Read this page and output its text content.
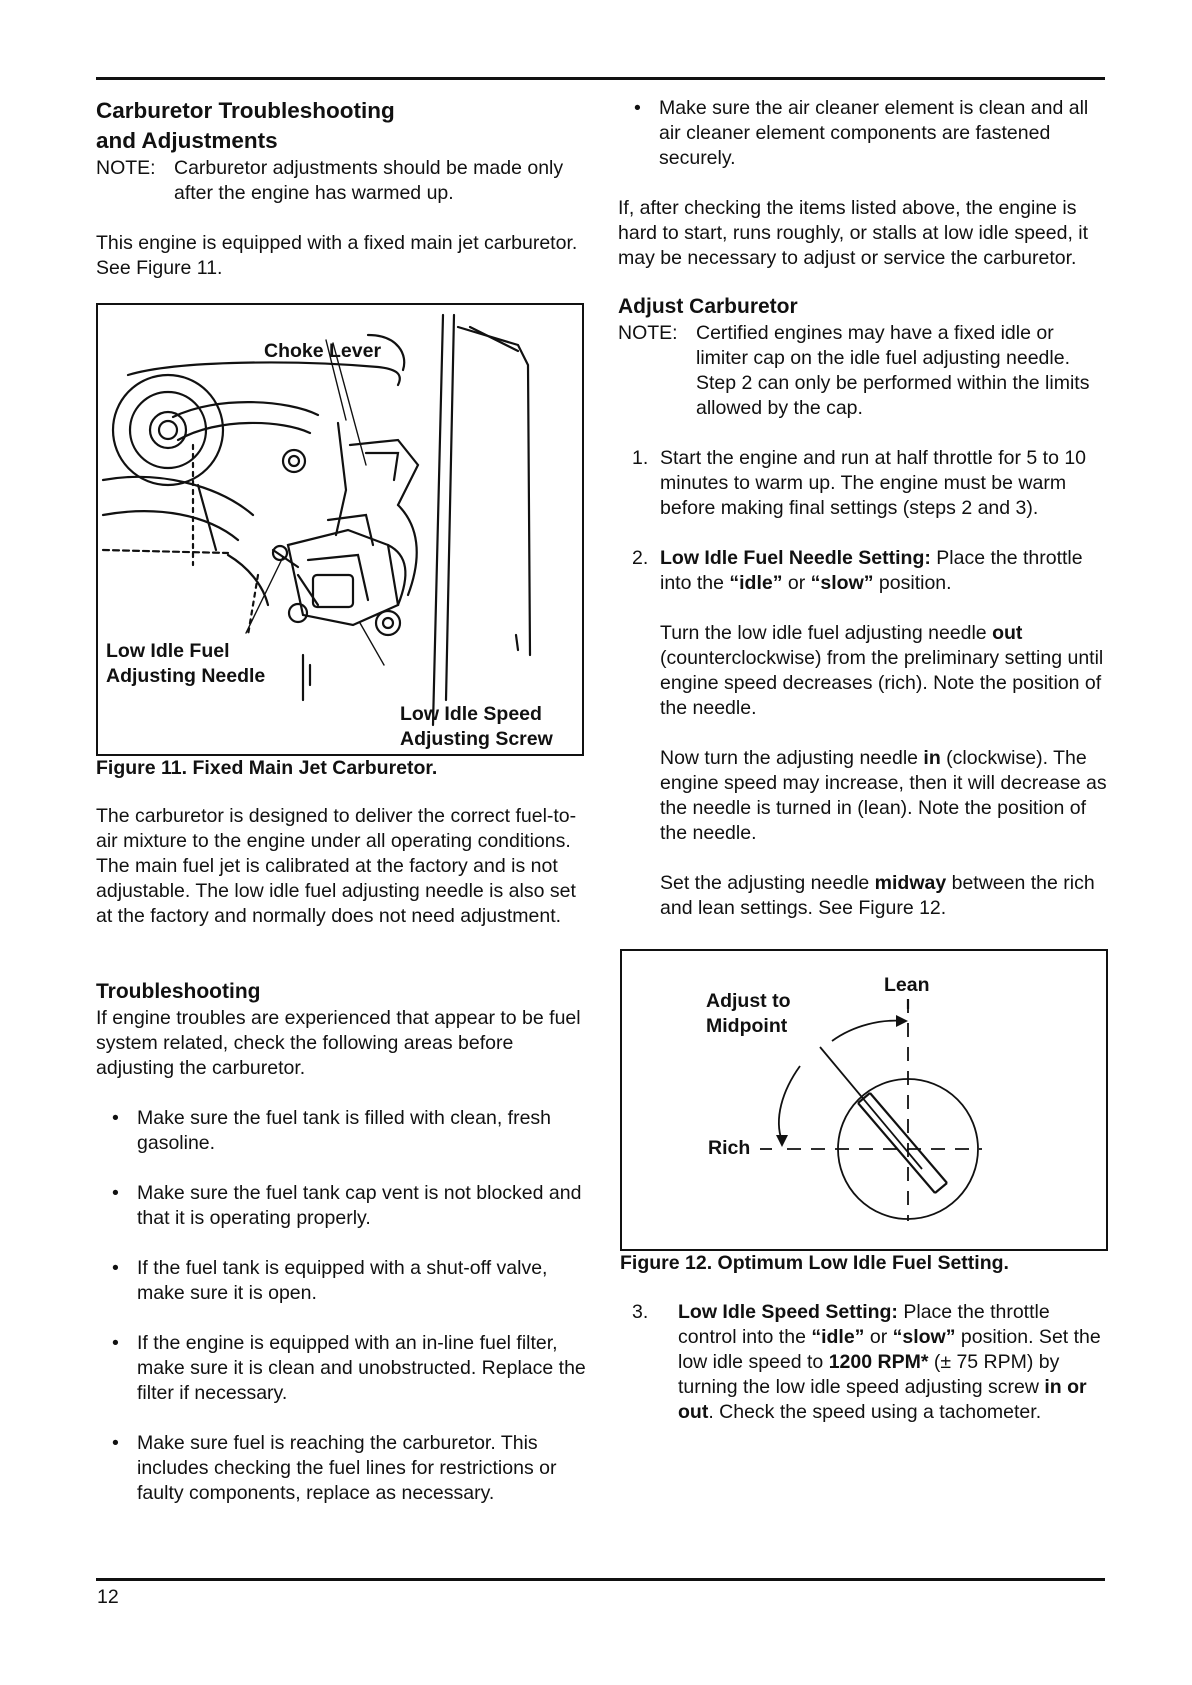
Carburetor Troubleshooting
and Adjustments
NOTE: Carburetor adjustments should be made only after the engine has warmed up.

This engine is equipped with a fixed main jet carburetor. See Figure 11.

Choke Lever
Low Idle Fuel
Adjusting Needle
Low Idle Speed
Adjusting Screw
Figure 11. Fixed Main Jet Carburetor.

The carburetor is designed to deliver the correct fuel-to-air mixture to the engine under all operating conditions. The main fuel jet is calibrated at the factory and is not adjustable. The low idle fuel adjusting needle is also set at the factory and normally does not need adjustment.

Troubleshooting

If engine troubles are experienced that appear to be fuel system related, check the following areas before adjusting the carburetor.

• Make sure the fuel tank is filled with clean, fresh gasoline.
• Make sure the fuel tank cap vent is not blocked and that it is operating properly.
• If the fuel tank is equipped with a shut-off valve, make sure it is open.
• If the engine is equipped with an in-line fuel filter, make sure it is clean and unobstructed. Replace the filter if necessary.
• Make sure fuel is reaching the carburetor. This includes checking the fuel lines for restrictions or faulty components, replace as necessary.
• Make sure the air cleaner element is clean and all air cleaner element components are fastened securely.

If, after checking the items listed above, the engine is hard to start, runs roughly, or stalls at low idle speed, it may be necessary to adjust or service the carburetor.

Adjust Carburetor
NOTE: Certified engines may have a fixed idle or limiter cap on the idle fuel adjusting needle. Step 2 can only be performed within the limits allowed by the cap.
1. Start the engine and run at half throttle for 5 to 10 minutes to warm up. The engine must be warm before making final settings (steps 2 and 3).
2. Low Idle Fuel Needle Setting: Place the throttle into the “idle” or “slow” position.

Turn the low idle fuel adjusting needle out (counterclockwise) from the preliminary setting until engine speed decreases (rich). Note the position of the needle.

Now turn the adjusting needle in (clockwise). The engine speed may increase, then it will decrease as the needle is turned in (lean). Note the position of the needle.

Set the adjusting needle midway between the rich and lean settings. See Figure 12.

Adjust to
Midpoint
Lean
Rich
Figure 12. Optimum Low Idle Fuel Setting.
3.	Low Idle Speed Setting: Place the throttle control into the “idle” or “slow” position. Set the low idle speed to 1200 RPM* (± 75 RPM) by turning the low idle speed adjusting screw in or out. Check the speed using a tachometer.
12
